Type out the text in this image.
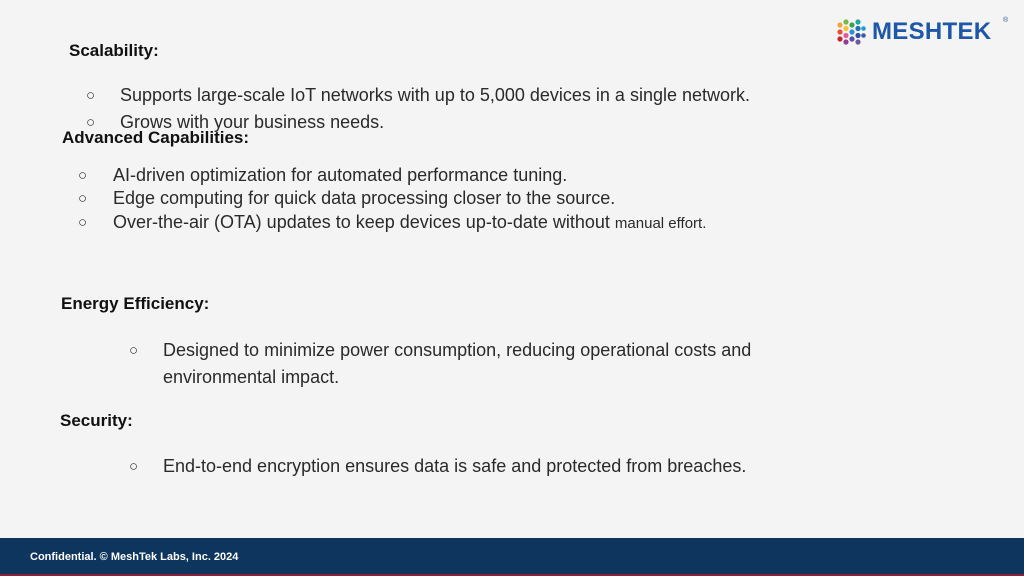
MESHTEK ®
Scalability:
○ Supports large-scale IoT networks with up to 5,000 devices in a single network.
○ Grows with your business needs.
Advanced Capabilities:
○ AI-driven optimization for automated performance tuning.
○ Edge computing for quick data processing closer to the source.
○ Over-the-air (OTA) updates to keep devices up-to-date without manual effort.
Energy Efficiency:
○ Designed to minimize power consumption, reducing operational costs and
environmental impact.
Security:
○ End-to-end encryption ensures data is safe and protected from breaches.
Confidential. © MeshTek Labs, Inc. 2024
